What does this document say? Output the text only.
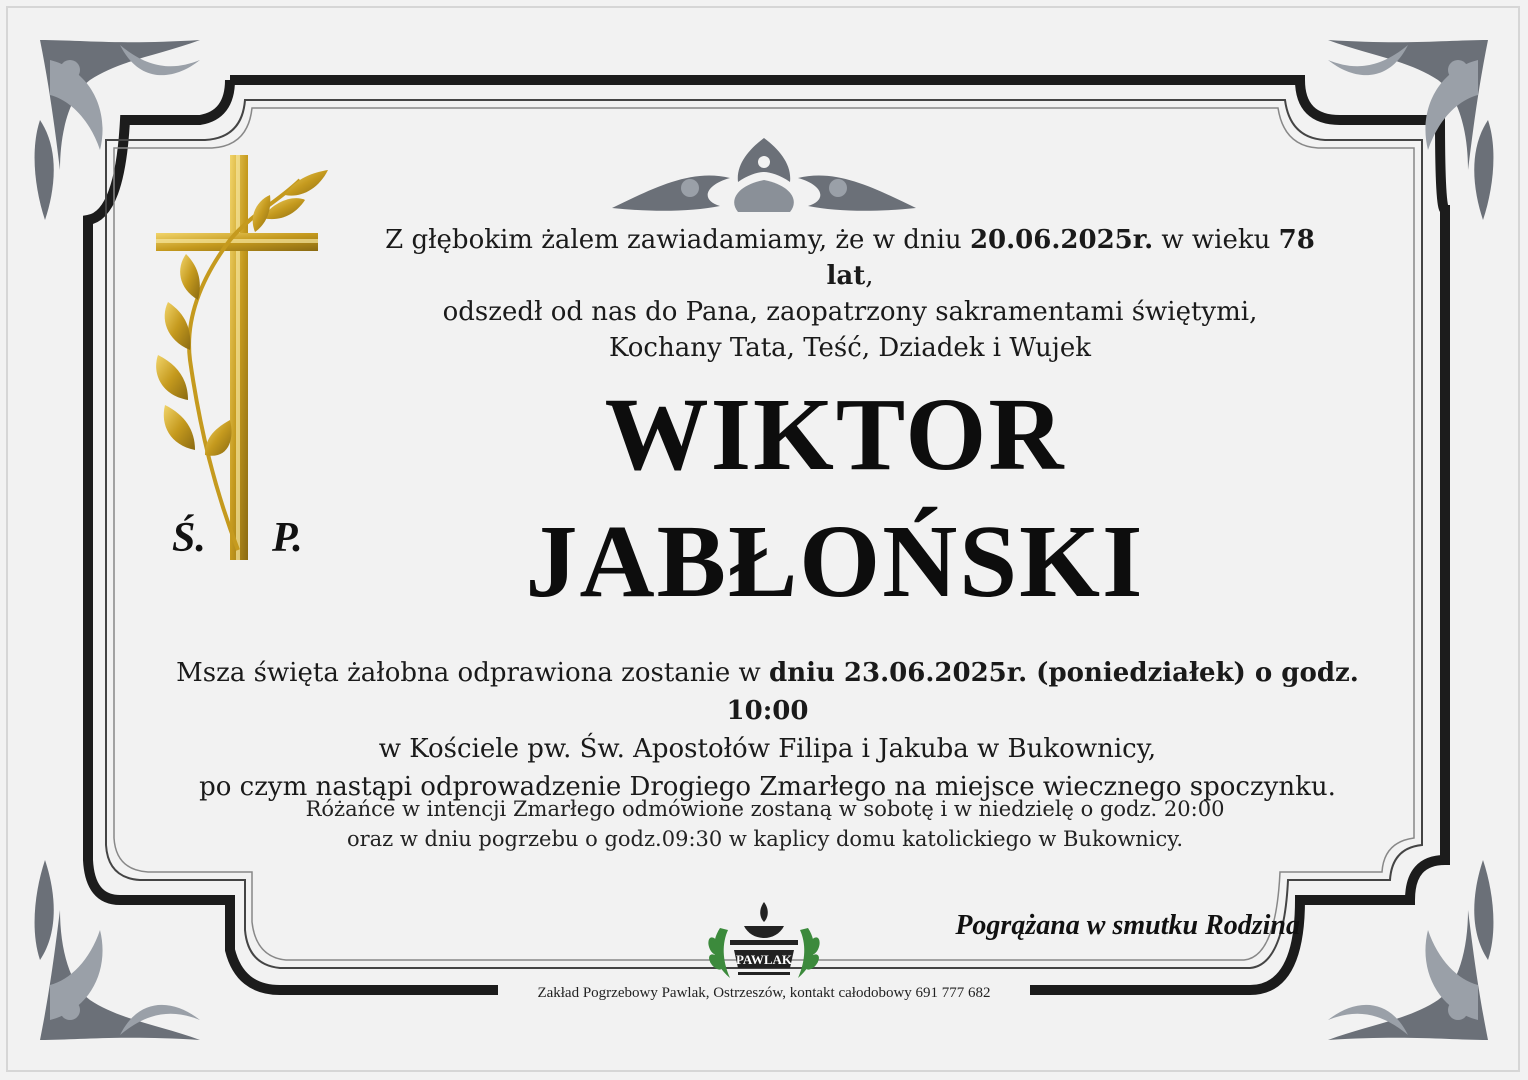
Ś. P.
Z głębokim żalem zawiadamiamy, że w dniu 20.06.2025r. w wieku 78 lat,
odszedł od nas do Pana, zaopatrzony sakramentami świętymi,
Kochany Tata, Teść, Dziadek i Wujek
WIKTOR
JABŁOŃSKI
Msza święta żałobna odprawiona zostanie w dniu 23.06.2025r. (poniedziałek) o godz. 10:00
w Kościele pw. Św. Apostołów Filipa i Jakuba w Bukownicy,
po czym nastąpi odprowadzenie Drogiego Zmarłego na miejsce wiecznego spoczynku.
Różańce w intencji Zmarłego odmówione zostaną w sobotę i w niedzielę o godz. 20:00
oraz w dniu pogrzebu o godz.09:30 w kaplicy domu katolickiego w Bukownicy.
PAWLAK
Pogrążana w smutku Rodzina
Zakład Pogrzebowy Pawlak, Ostrzeszów, kontakt całodobowy 691 777 682
